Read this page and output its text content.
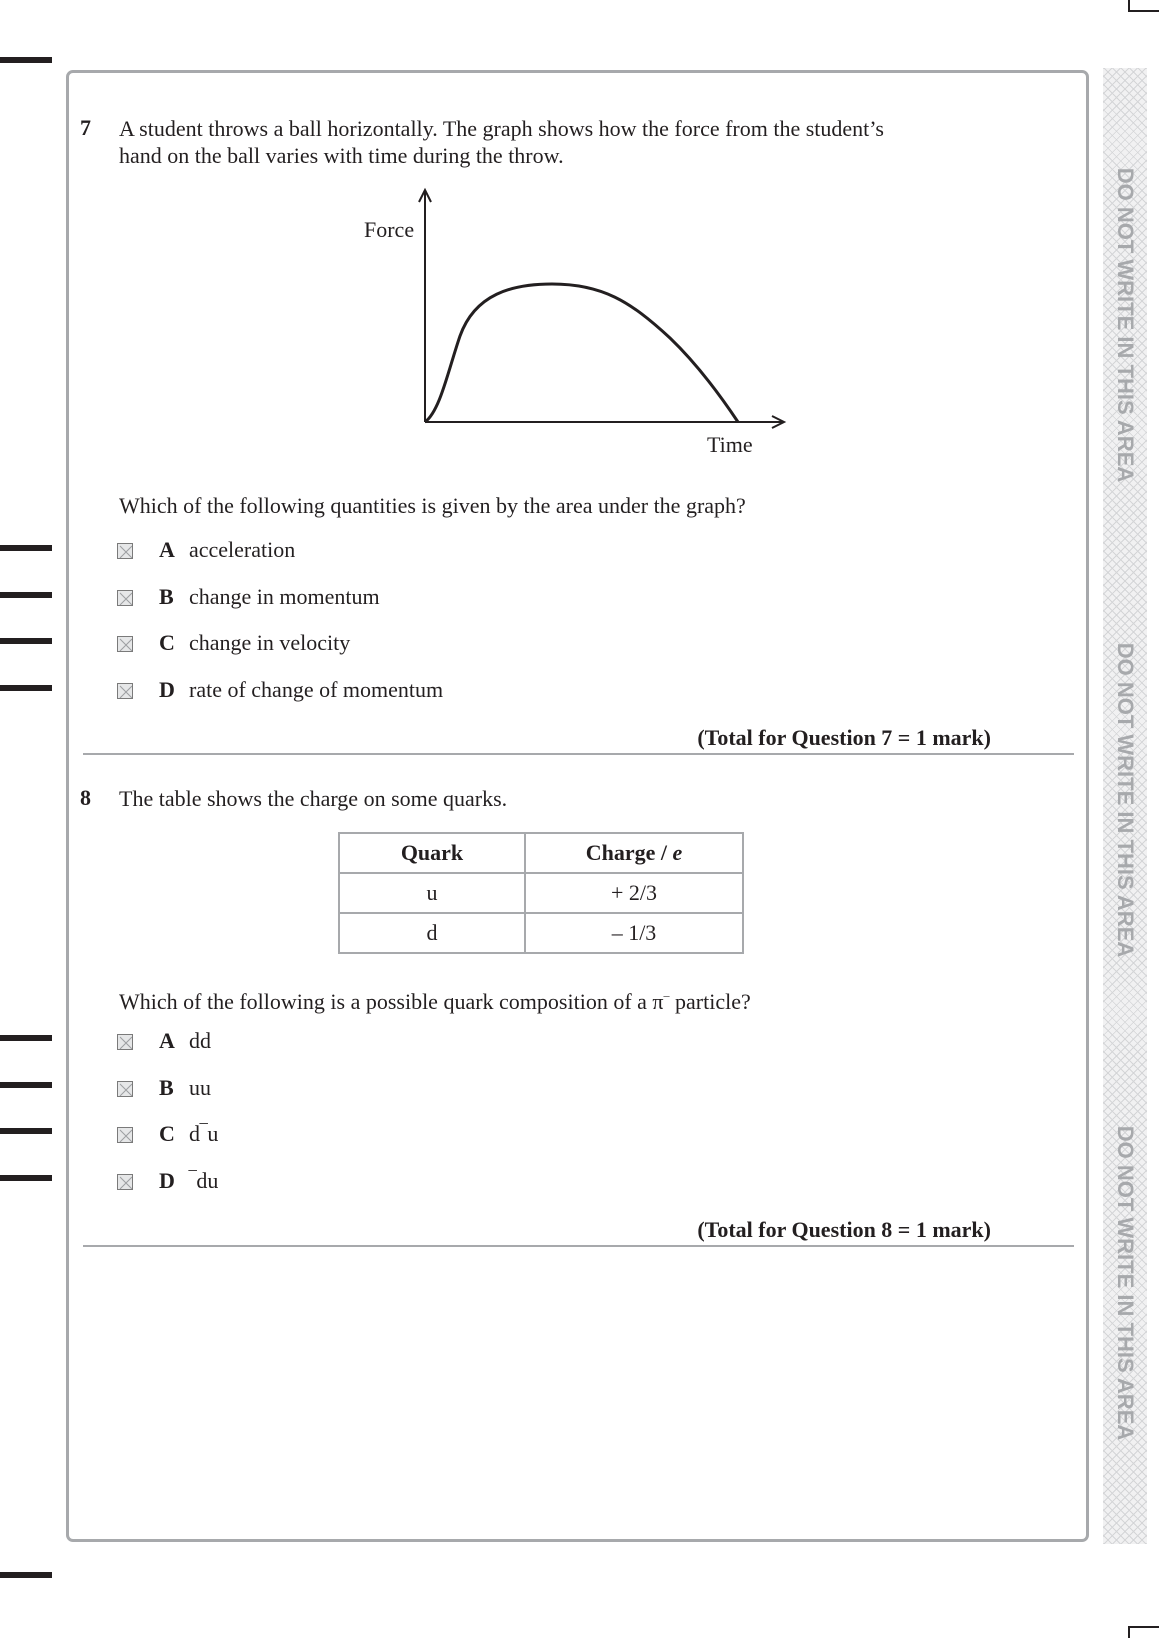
DO NOT WRITE IN THIS AREA
DO NOT WRITE IN THIS AREA
DO NOT WRITE IN THIS AREA
7 A student throws a ball horizontally. The graph shows how the force from the student’s
hand on the ball varies with time during the throw.
Force
Time
Which of the following quantities is given by the area under the graph?
A acceleration
B change in momentum
C change in velocity
D rate of change of momentum
(Total for Question 7 = 1 mark)
8 The table shows the charge on some quarks.
Quark	Charge / e
u	+ 2/3
d	– 1/3
Which of the following is a possible quark composition of a π– particle?
A dd
B uu
C d‾u
D ‾du
(Total for Question 8 = 1 mark)
